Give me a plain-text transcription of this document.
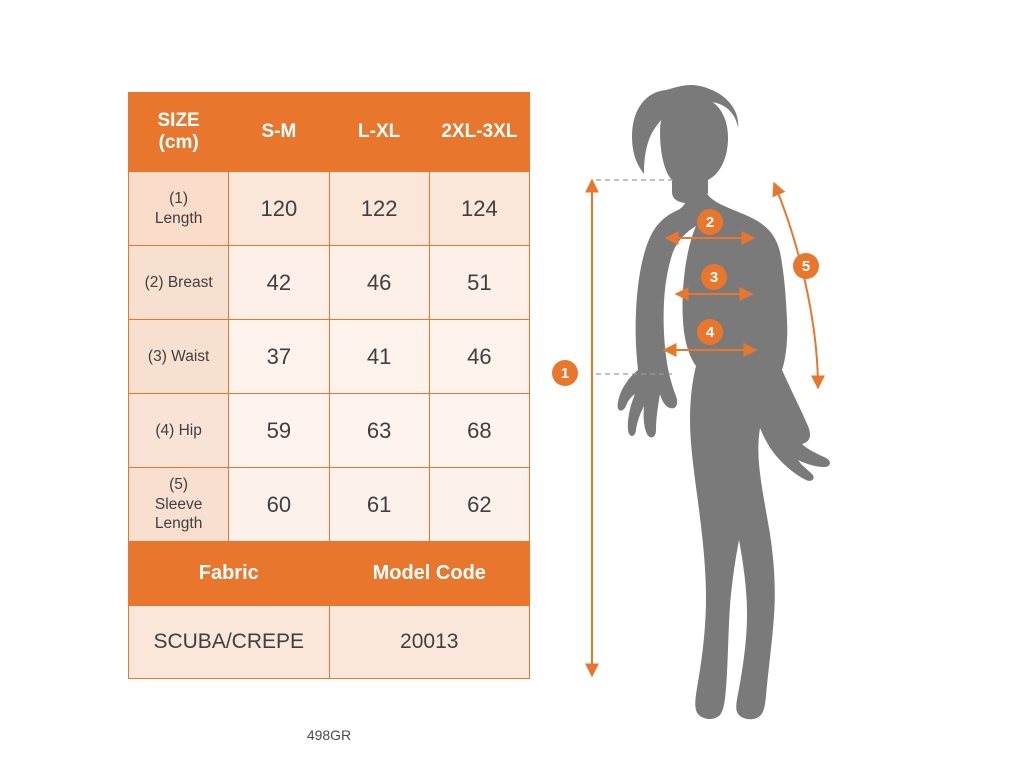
SIZE
(cm)	S-M	L-XL	2XL-3XL
(1)
Length	120	122	124
(2) Breast	42	46	51
(3) Waist	37	41	46
(4) Hip	59	63	68
(5)
Sleeve
Length	60	61	62
Fabric		Model Code	
SCUBA/CREPE		20013	
498GR
1
2
3
4
5
